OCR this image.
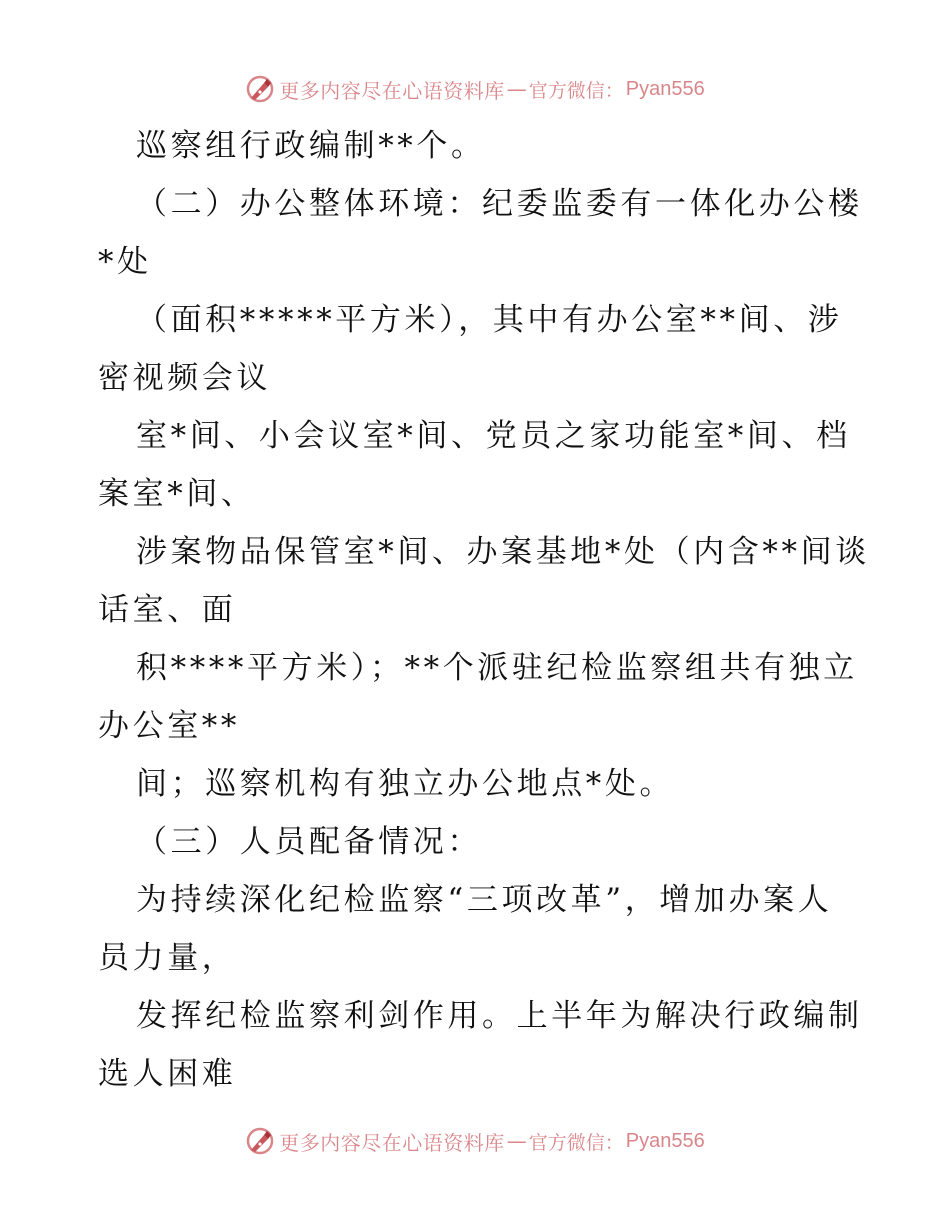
更多内容尽在心语资料库 — 官方微信： Pyan556
巡察组行政编制**个。
（二）办公整体环境：纪委监委有一体化办公楼
*处
（面积*****平方米），其中有办公室**间、涉
密视频会议
室*间、小会议室*间、党员之家功能室*间、档
案室*间、
涉案物品保管室*间、办案基地*处（内含**间谈
话室、面
积****平方米）；**个派驻纪检监察组共有独立
办公室**
间；巡察机构有独立办公地点*处。
（三）人员配备情况：
为持续深化纪检监察“三项改革”，增加办案人
员力量，
发挥纪检监察利剑作用。上半年为解决行政编制
选人困难
更多内容尽在心语资料库 — 官方微信： Pyan556
